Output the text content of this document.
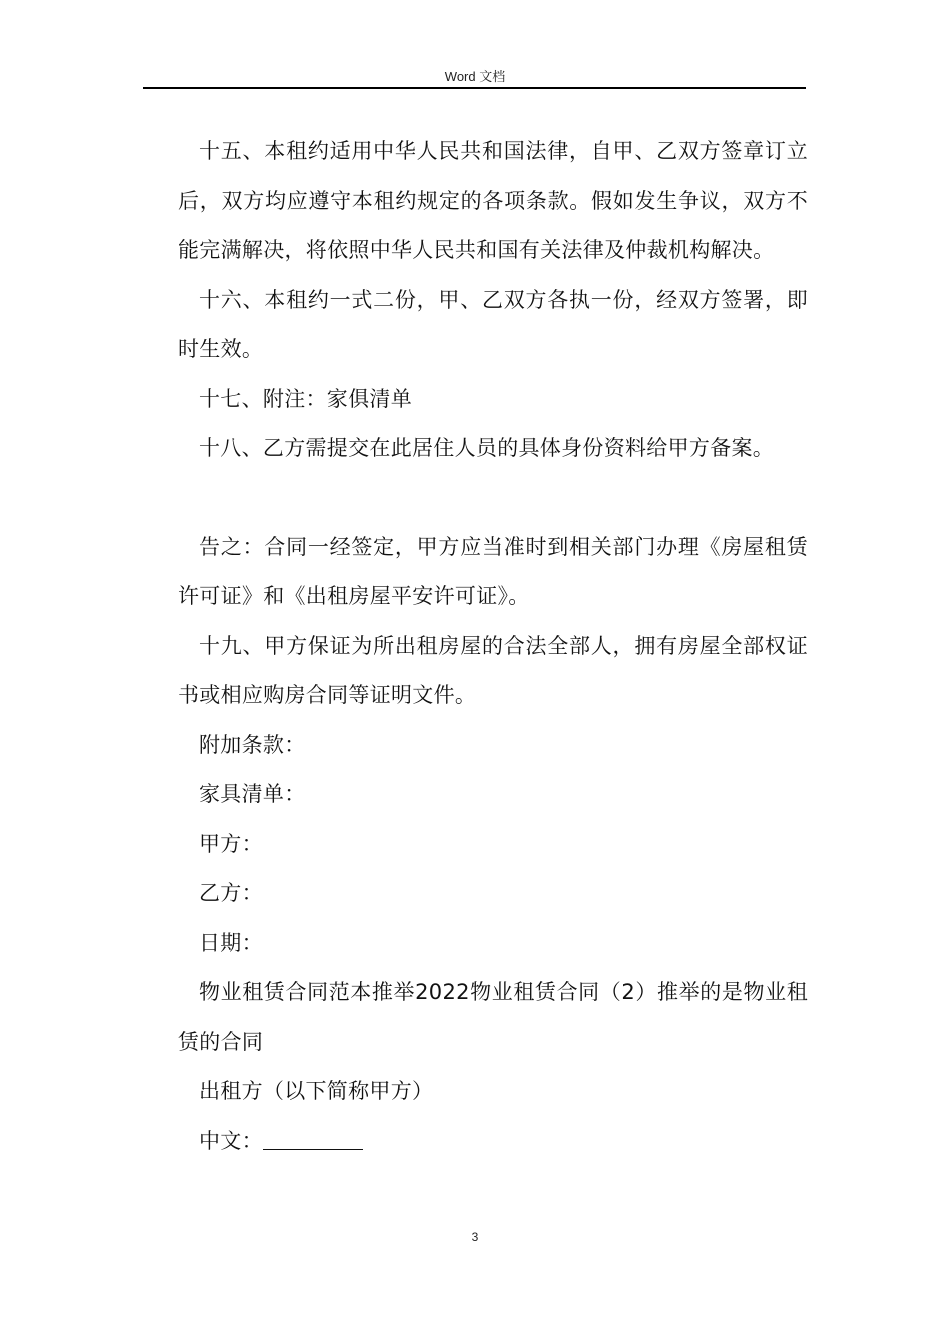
Word 文档

十五、本租约适用中华人民共和国法律，自甲、乙双方签章订立后，双方均应遵守本租约规定的各项条款。假如发生争议，双方不能完满解决，将依照中华人民共和国有关法律及仲裁机构解决。

十六、本租约一式二份，甲、乙双方各执一份，经双方签署，即时生效。

十七、附注：家俱清单

十八、乙方需提交在此居住人员的具体身份资料给甲方备案。

告之：合同一经签定，甲方应当准时到相关部门办理《房屋租赁许可证》和《出租房屋平安许可证》。

十九、甲方保证为所出租房屋的合法全部人，拥有房屋全部权证书或相应购房合同等证明文件。

附加条款：

家具清单：

甲方：

乙方：

日期：

物业租赁合同范本推举2022物业租赁合同（2）推举的是物业租赁的合同

出租方（以下简称甲方）

中文：

3
